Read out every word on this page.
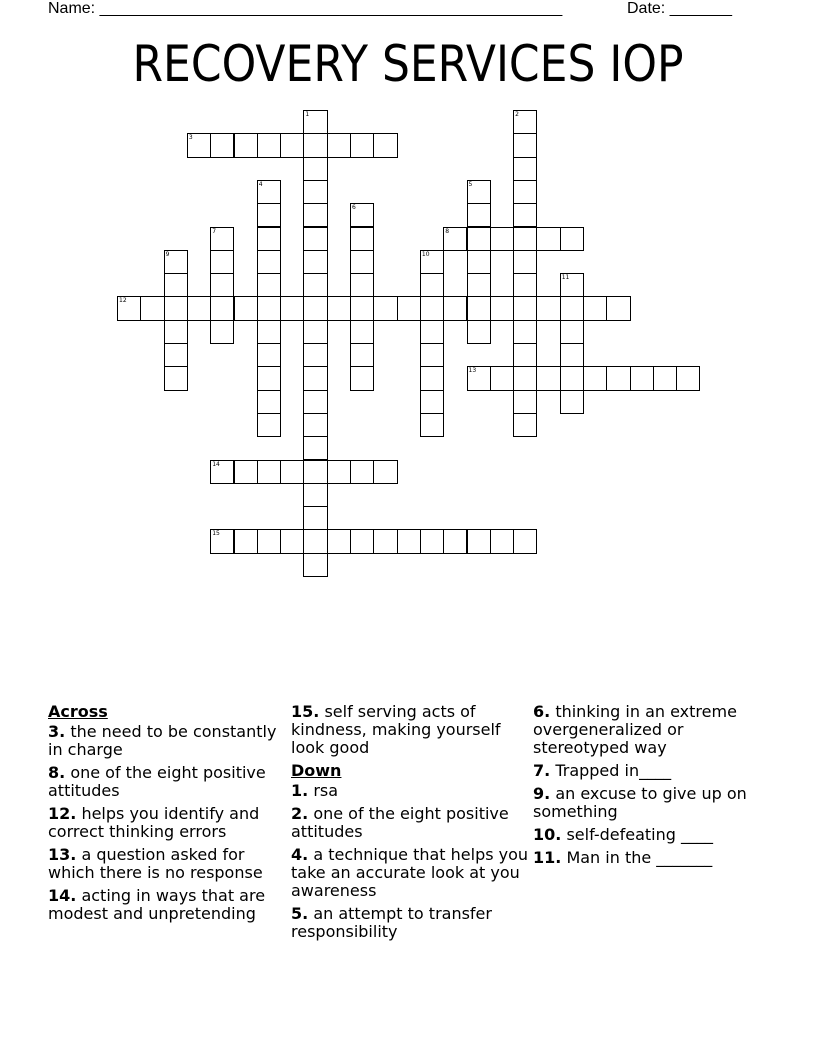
Name: ____________________________________________________	Date: _______
RECOVERY SERVICES IOP
1	2
3
4	5
6
7	8
9	10
11
12
13
14
15
Across
3. the need to be constantly in charge
8. one of the eight positive attitudes
12. helps you identify and correct thinking errors
13. a question asked for which there is no response
14. acting in ways that are modest and unpretending
15. self serving acts of kindness, making yourself look good
Down
1. rsa
2. one of the eight positive attitudes
4. a technique that helps you take an accurate look at you awareness
5. an attempt to transfer responsibility
6. thinking in an extreme overgeneralized or stereotyped way
7. Trapped in____
9. an excuse to give up on something
10. self-defeating ____
11. Man in the _______
